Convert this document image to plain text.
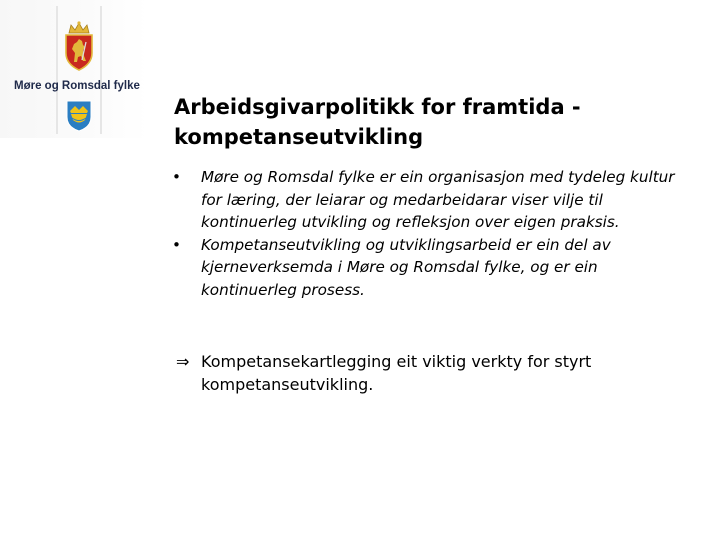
Møre og Romsdal fylke
Arbeidsgivarpolitikk for framtida -
kompetanseutvikling
• Møre og Romsdal fylke er ein organisasjon med tydeleg kultur for læring, der leiarar og medarbeidarar viser vilje til kontinuerleg utvikling og refleksjon over eigen praksis.
• Kompetanseutvikling og utviklingsarbeid er ein del av kjerneverksemda i Møre og Romsdal fylke, og er ein kontinuerleg prosess.
⇒ Kompetansekartlegging eit viktig verkty for styrt kompetanseutvikling.
